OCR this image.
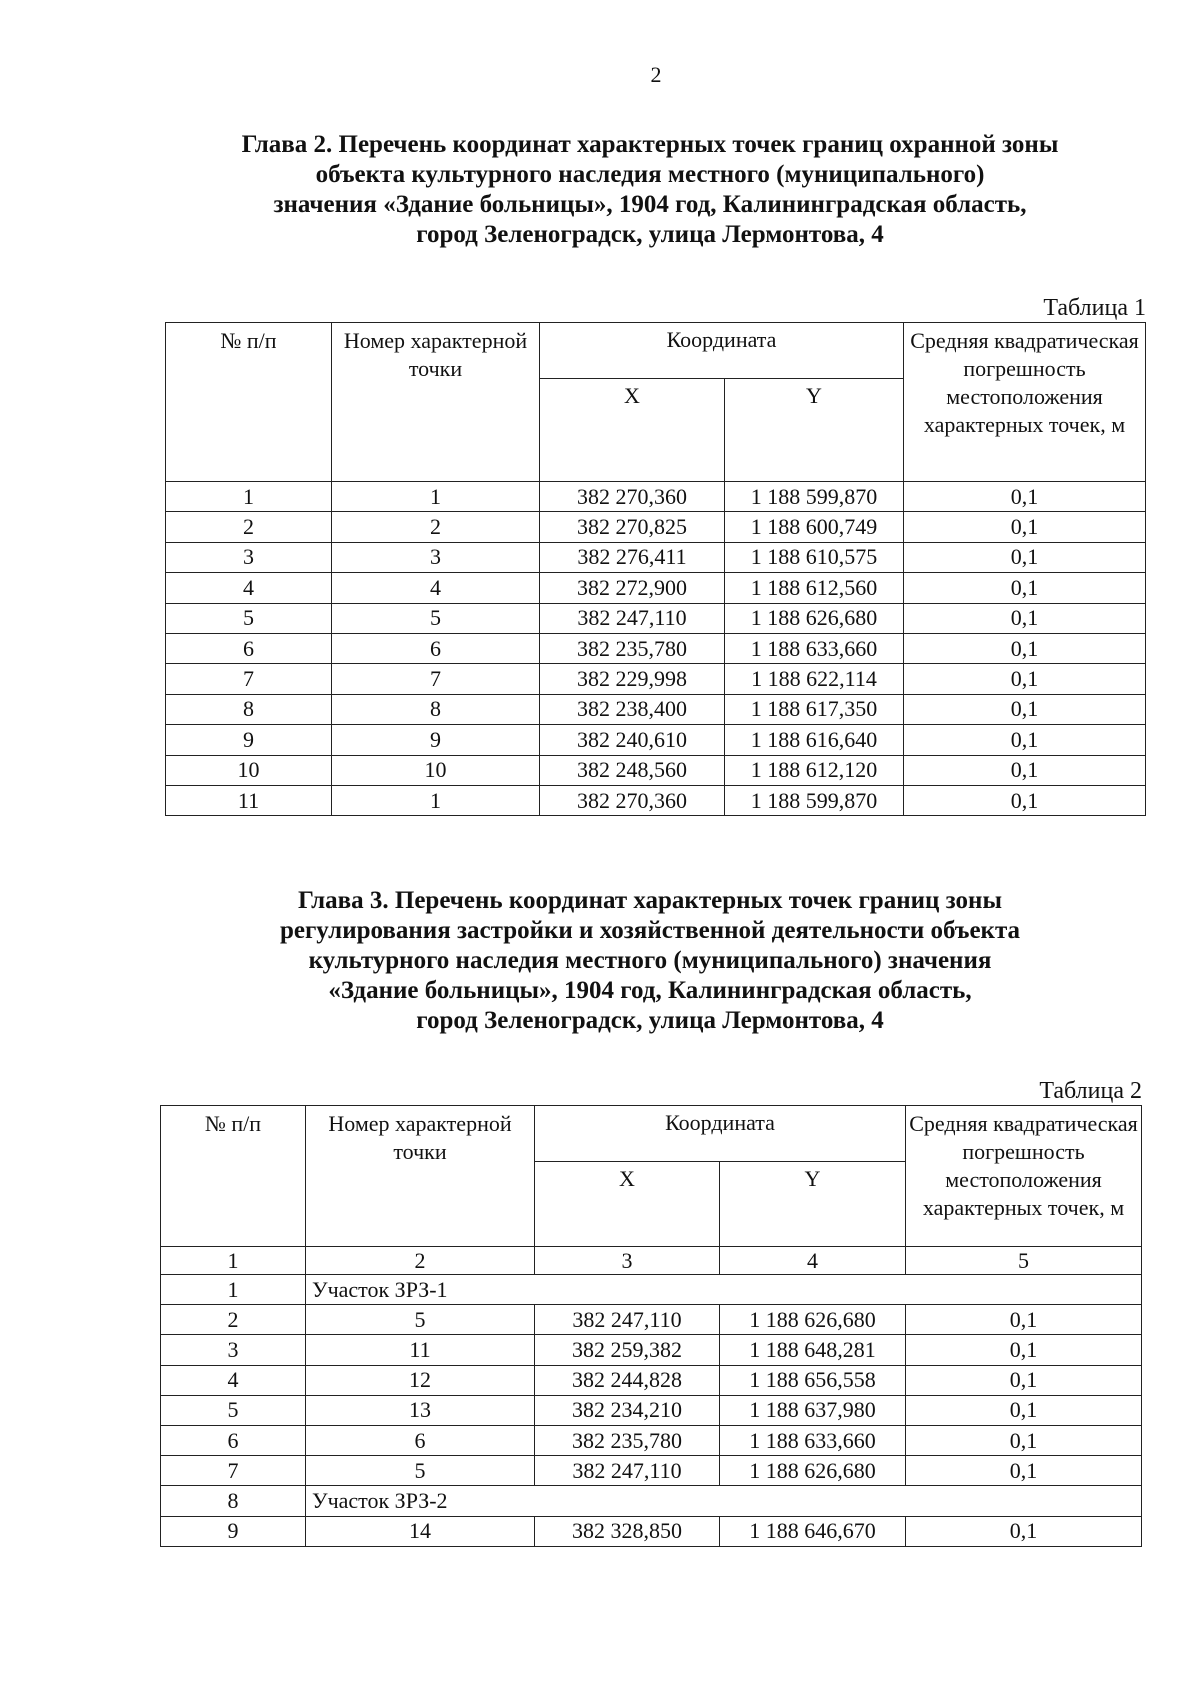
2
Глава 2. Перечень координат характерных точек границ охранной зоны
объекта культурного наследия местного (муниципального)
значения «Здание больницы», 1904 год, Калининградская область,
город Зеленоградск, улица Лермонтова, 4
Таблица 1
№ п/п	Номер характерной точки	Координата		Средняя квадратическая погрешность местоположения характерных точек, м
		X	Y	
1	1	382 270,360	1 188 599,870	0,1
2	2	382 270,825	1 188 600,749	0,1
3	3	382 276,411	1 188 610,575	0,1
4	4	382 272,900	1 188 612,560	0,1
5	5	382 247,110	1 188 626,680	0,1
6	6	382 235,780	1 188 633,660	0,1
7	7	382 229,998	1 188 622,114	0,1
8	8	382 238,400	1 188 617,350	0,1
9	9	382 240,610	1 188 616,640	0,1
10	10	382 248,560	1 188 612,120	0,1
11	1	382 270,360	1 188 599,870	0,1
Глава 3. Перечень координат характерных точек границ зоны
регулирования застройки и хозяйственной деятельности объекта
культурного наследия местного (муниципального) значения
«Здание больницы», 1904 год, Калининградская область,
город Зеленоградск, улица Лермонтова, 4
Таблица 2
№ п/п	Номер характерной точки	Координата		Средняя квадратическая погрешность местоположения характерных точек, м
		X	Y	
1	2	3	4	5
1	Участок ЗРЗ-1			
2	5	382 247,110	1 188 626,680	0,1
3	11	382 259,382	1 188 648,281	0,1
4	12	382 244,828	1 188 656,558	0,1
5	13	382 234,210	1 188 637,980	0,1
6	6	382 235,780	1 188 633,660	0,1
7	5	382 247,110	1 188 626,680	0,1
8	Участок ЗРЗ-2			
9	14	382 328,850	1 188 646,670	0,1
